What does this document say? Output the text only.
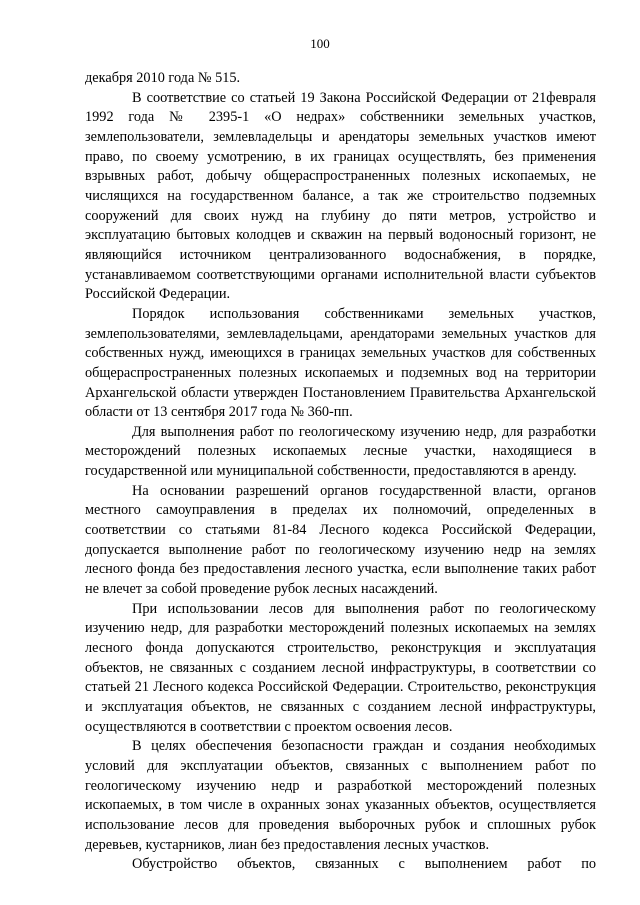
100

декабря 2010 года № 515.

В соответствие со статьей 19 Закона Российской Федерации от 21февраля 1992 года № 2395-1 «О недрах» собственники земельных участков, землепользователи, землевладельцы и арендаторы земельных участков имеют право, по своему усмотрению, в их границах осуществлять, без применения взрывных работ, добычу общераспространенных полезных ископаемых, не числящихся на государственном балансе, а так же строительство подземных сооружений для своих нужд на глубину до пяти метров, устройство и эксплуатацию бытовых колодцев и скважин на первый водоносный горизонт, не являющийся источником централизованного водоснабжения, в порядке, устанавливаемом соответствующими органами исполнительной власти субъектов Российской Федерации.

Порядок использования собственниками земельных участков, землепользователями, землевладельцами, арендаторами земельных участков для собственных нужд, имеющихся в границах земельных участков для собственных общераспространенных полезных ископаемых и подземных вод на территории Архангельской области утвержден Постановлением Правительства Архангельской области от 13 сентября 2017 года № 360-пп.

Для выполнения работ по геологическому изучению недр, для разработки месторождений полезных ископаемых лесные участки, находящиеся в государственной или муниципальной собственности, предоставляются в аренду.

На основании разрешений органов государственной власти, органов местного самоуправления в пределах их полномочий, определенных в соответствии со статьями 81-84 Лесного кодекса Российской Федерации, допускается выполнение работ по геологическому изучению недр на землях лесного фонда без предоставления лесного участка, если выполнение таких работ не влечет за собой проведение рубок лесных насаждений.

При использовании лесов для выполнения работ по геологическому изучению недр, для разработки месторождений полезных ископаемых на землях лесного фонда допускаются строительство, реконструкция и эксплуатация объектов, не связанных с созданием лесной инфраструктуры, в соответствии со статьей 21 Лесного кодекса Российской Федерации. Строительство, реконструкция и эксплуатация объектов, не связанных с созданием лесной инфраструктуры, осуществляются в соответствии с проектом освоения лесов.

В целях обеспечения безопасности граждан и создания необходимых условий для эксплуатации объектов, связанных с выполнением работ по геологическому изучению недр и разработкой месторождений полезных ископаемых, в том числе в охранных зонах указанных объектов, осуществляется использование лесов для проведения выборочных рубок и сплошных рубок деревьев, кустарников, лиан без предоставления лесных участков.

Обустройство объектов, связанных с выполнением работ по
